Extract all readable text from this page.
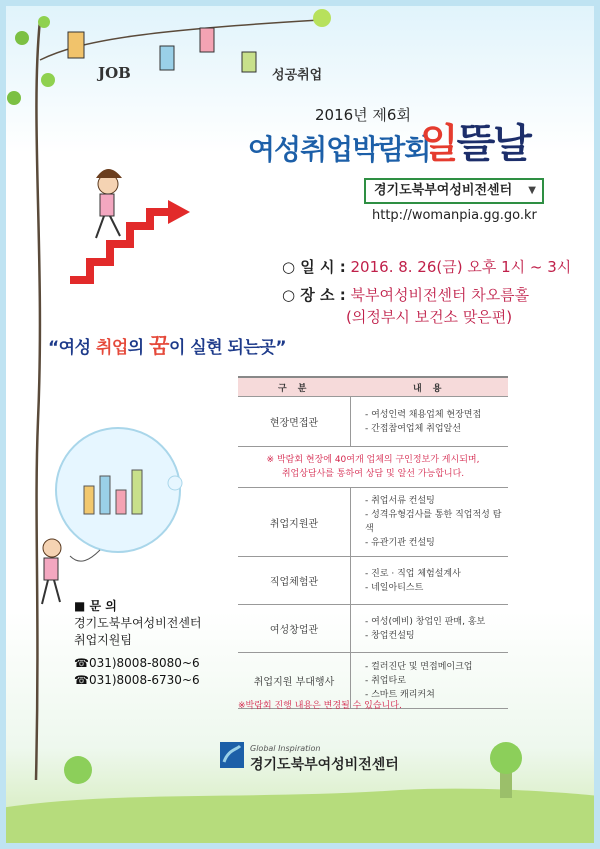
JOB	성공취업
2016년 제6회
여성취업박람회
일뜰날
경기도북부여성비전센터 ▼
http://womanpia.gg.go.kr
○ 일 시 : 2016. 8. 26(금) 오후 1시 ~ 3시
○ 장 소 : 북부여성비전센터 차오름홀
(의정부시 보건소 맞은편)
“여성 취업의 꿈이 실현 되는곳”
구 분	내 용
현장면접관	- 여성인력 채용업체 현장면접
- 간접참여업체 취업알선

※ 박람회 현장에 40여개 업체의 구인정보가 게시되며,
취업상담사를 통하여 상담 및 알선 가능합니다.	

취업지원관	- 취업서류 컨설팅
- 성격유형검사를 통한 직업적성 탐색
- 유관기관 컨설팅

직업체험관	- 진로 · 직업 체험설계사
- 네일아티스트

여성창업관	- 여성(예비) 창업인 판매, 홍보
- 창업컨설팅

취업지원 부대행사	- 컬러진단 및 면접메이크업
- 취업타로
- 스마트 캐리커쳐
※박람회 진행 내용은 변경될 수 있습니다.
■ 문 의
경기도북부여성비전센터
취업지원팀
☎031)8008-8080~6
☎031)8008-6730~6
Global Inspiration
경기도북부여성비전센터
